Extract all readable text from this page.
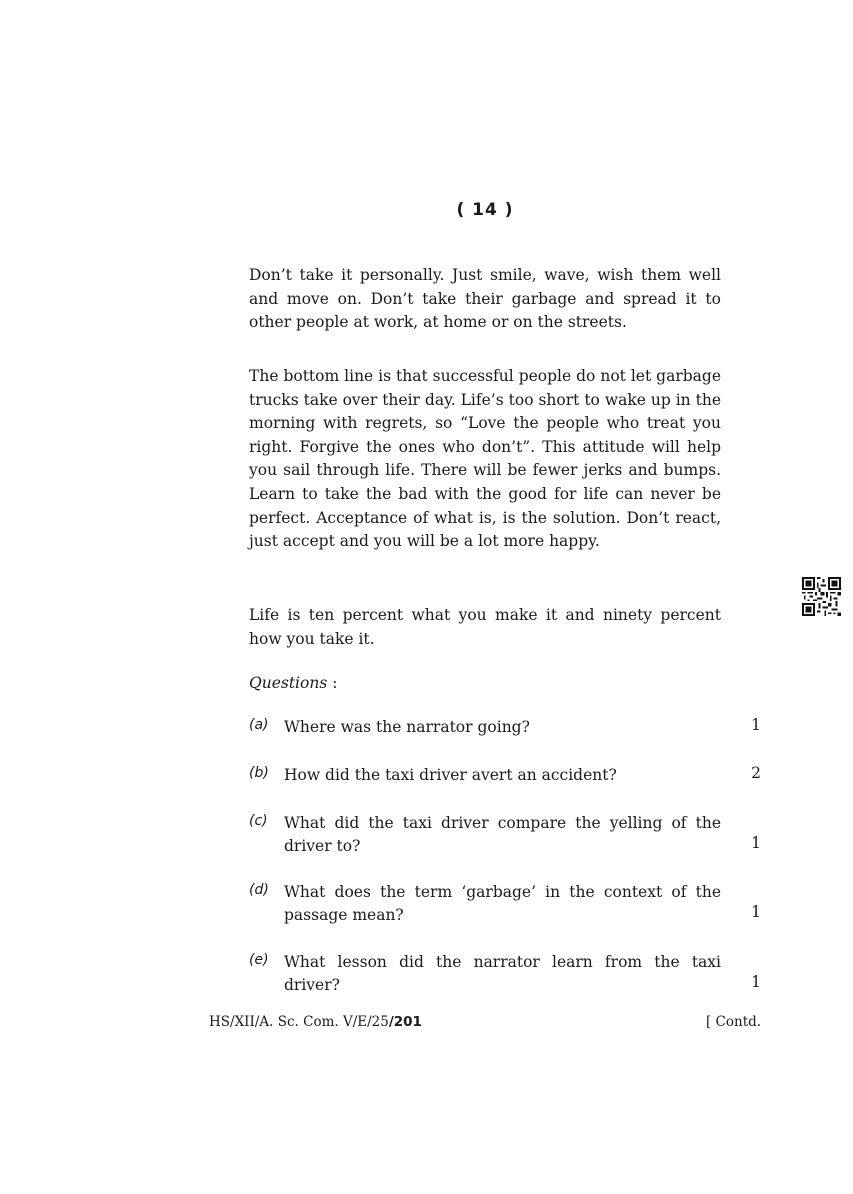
( 14 )

Don’t take it personally. Just smile, wave, wish them well and move on. Don’t take their garbage and spread it to other people at work, at home or on the streets.

The bottom line is that successful people do not let garbage trucks take over their day. Life’s too short to wake up in the morning with regrets, so “Love the people who treat you right. Forgive the ones who don’t”. This attitude will help you sail through life. There will be fewer jerks and bumps. Learn to take the bad with the good for life can never be perfect. Acceptance of what is, is the solution. Don’t react, just accept and you will be a lot more happy.

Life is ten percent what you make it and ninety percent how you take it.

Questions :
(a) Where was the narrator going?	1
(b) How did the taxi driver avert an accident?	2
(c) What did the taxi driver compare the yelling of the driver to?	1
(d) What does the term ‘garbage’ in the context of the passage mean?	1
(e) What lesson did the narrator learn from the taxi driver?	1
HS/XII/A. Sc. Com. V/E/25/201	[ Contd.
